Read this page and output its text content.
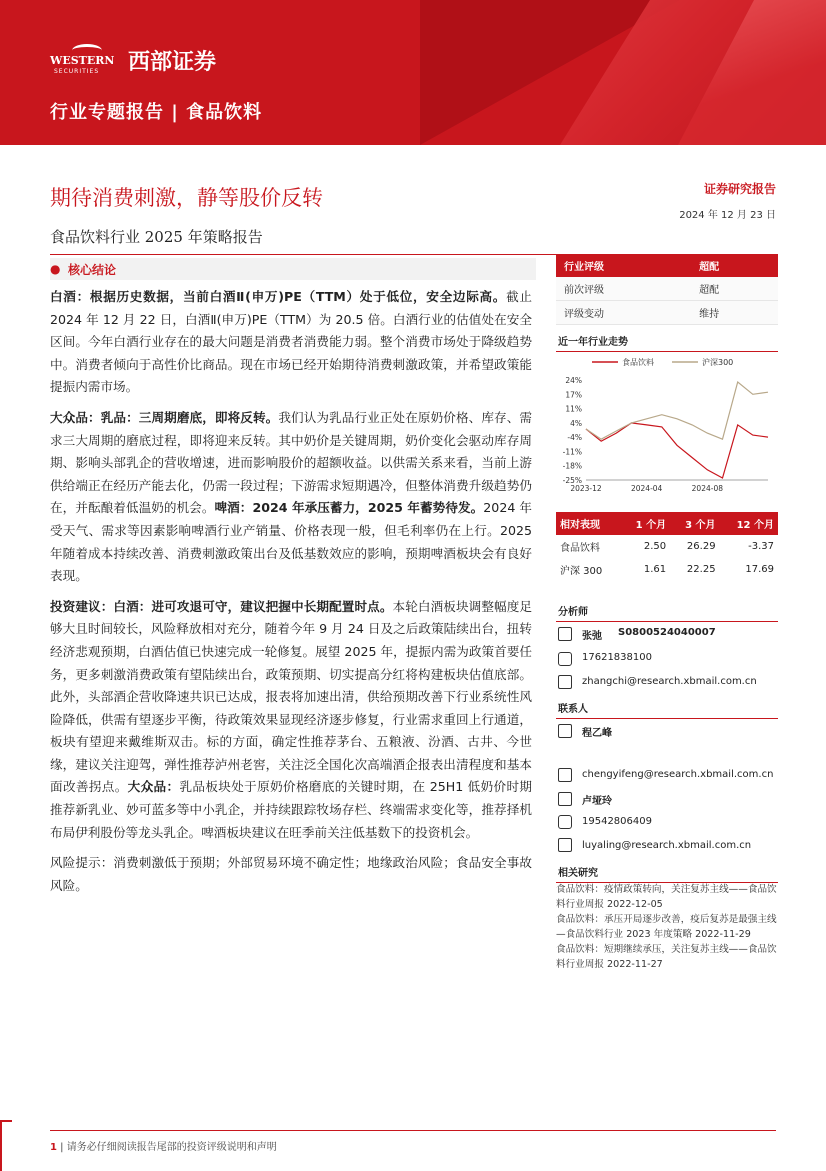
WESTERN
SECURITIES 西部证券
行业专题报告 | 食品饮料
期待消费刺激，静等股价反转
食品饮料行业 2025 年策略报告
证券研究报告
2024 年 12 月 23 日
● 核心结论

白酒：根据历史数据，当前白酒Ⅱ(申万)PE（TTM）处于低位，安全边际高。截止 2024 年 12 月 22 日，白酒Ⅱ(申万)PE（TTM）为 20.5 倍。白酒行业的估值处在安全区间。今年白酒行业存在的最大问题是消费者消费能力弱。整个消费市场处于降级趋势中。消费者倾向于高性价比商品。现在市场已经开始期待消费刺激政策，并希望政策能提振内需市场。

大众品：乳品：三周期磨底，即将反转。我们认为乳品行业正处在原奶价格、库存、需求三大周期的磨底过程，即将迎来反转。其中奶价是关键周期，奶价变化会驱动库存周期、影响头部乳企的营收增速，进而影响股价的超额收益。以供需关系来看，当前上游供给端正在经历产能去化，仍需一段过程；下游需求短期遇冷，但整体消费升级趋势仍在，并酝酿着低温奶的机会。啤酒：2024 年承压蓄力，2025 年蓄势待发。2024 年受天气、需求等因素影响啤酒行业产销量、价格表现一般，但毛利率仍在上行。2025 年随着成本持续改善、消费刺激政策出台及低基数效应的影响，预期啤酒板块会有良好表现。

投资建议：白酒：进可攻退可守，建议把握中长期配置时点。本轮白酒板块调整幅度足够大且时间较长，风险释放相对充分，随着今年 9 月 24 日及之后政策陆续出台，扭转经济悲观预期，白酒估值已快速完成一轮修复。展望 2025 年，提振内需为政策首要任务，更多刺激消费政策有望陆续出台，政策预期、切实提高分红将构建板块估值底部。此外，头部酒企营收降速共识已达成，报表将加速出清，供给预期改善下行业系统性风险降低，供需有望逐步平衡，待政策效果显现经济逐步修复，行业需求重回上行通道，板块有望迎来戴维斯双击。标的方面，确定性推荐茅台、五粮液、汾酒、古井、今世缘，建议关注迎驾，弹性推荐泸州老窖，关注泛全国化次高端酒企报表出清程度和基本面改善拐点。大众品：乳品板块处于原奶价格磨底的关键时期，在 25H1 低奶价时期推荐新乳业、妙可蓝多等中小乳企，并持续跟踪牧场存栏、终端需求变化等，推荐择机布局伊利股份等龙头乳企。啤酒板块建议在旺季前关注低基数下的投资机会。

风险提示：消费刺激低于预期；外部贸易环境不确定性；地缘政治风险；食品安全事故风险。

行业评级	超配
前次评级	超配
评级变动	维持
近一年行业走势
食品饮料	沪深300
24%
17%
11%
4%
-4%
-11%
-18%
-25%
2023-12	2024-04	2024-08
相对表现	1 个月	3 个月	12 个月
食品饮料	2.50	26.29	-3.37
沪深 300	1.61	22.25	17.69
分析师
张弛 S0800524040007
17621838100
zhangchi@research.xbmail.com.cn
联系人
程乙峰
chengyifeng@research.xbmail.com.cn
卢垭玲
19542806409
luyaling@research.xbmail.com.cn
相关研究
食品饮料：疫情政策转向，关注复苏主线——食品饮料行业周报 2022-12-05
食品饮料：承压开局逐步改善，疫后复苏是最强主线—食品饮料行业 2023 年度策略 2022-11-29
食品饮料：短期继续承压，关注复苏主线——食品饮料行业周报 2022-11-27
1 | 请务必仔细阅读报告尾部的投资评级说明和声明
